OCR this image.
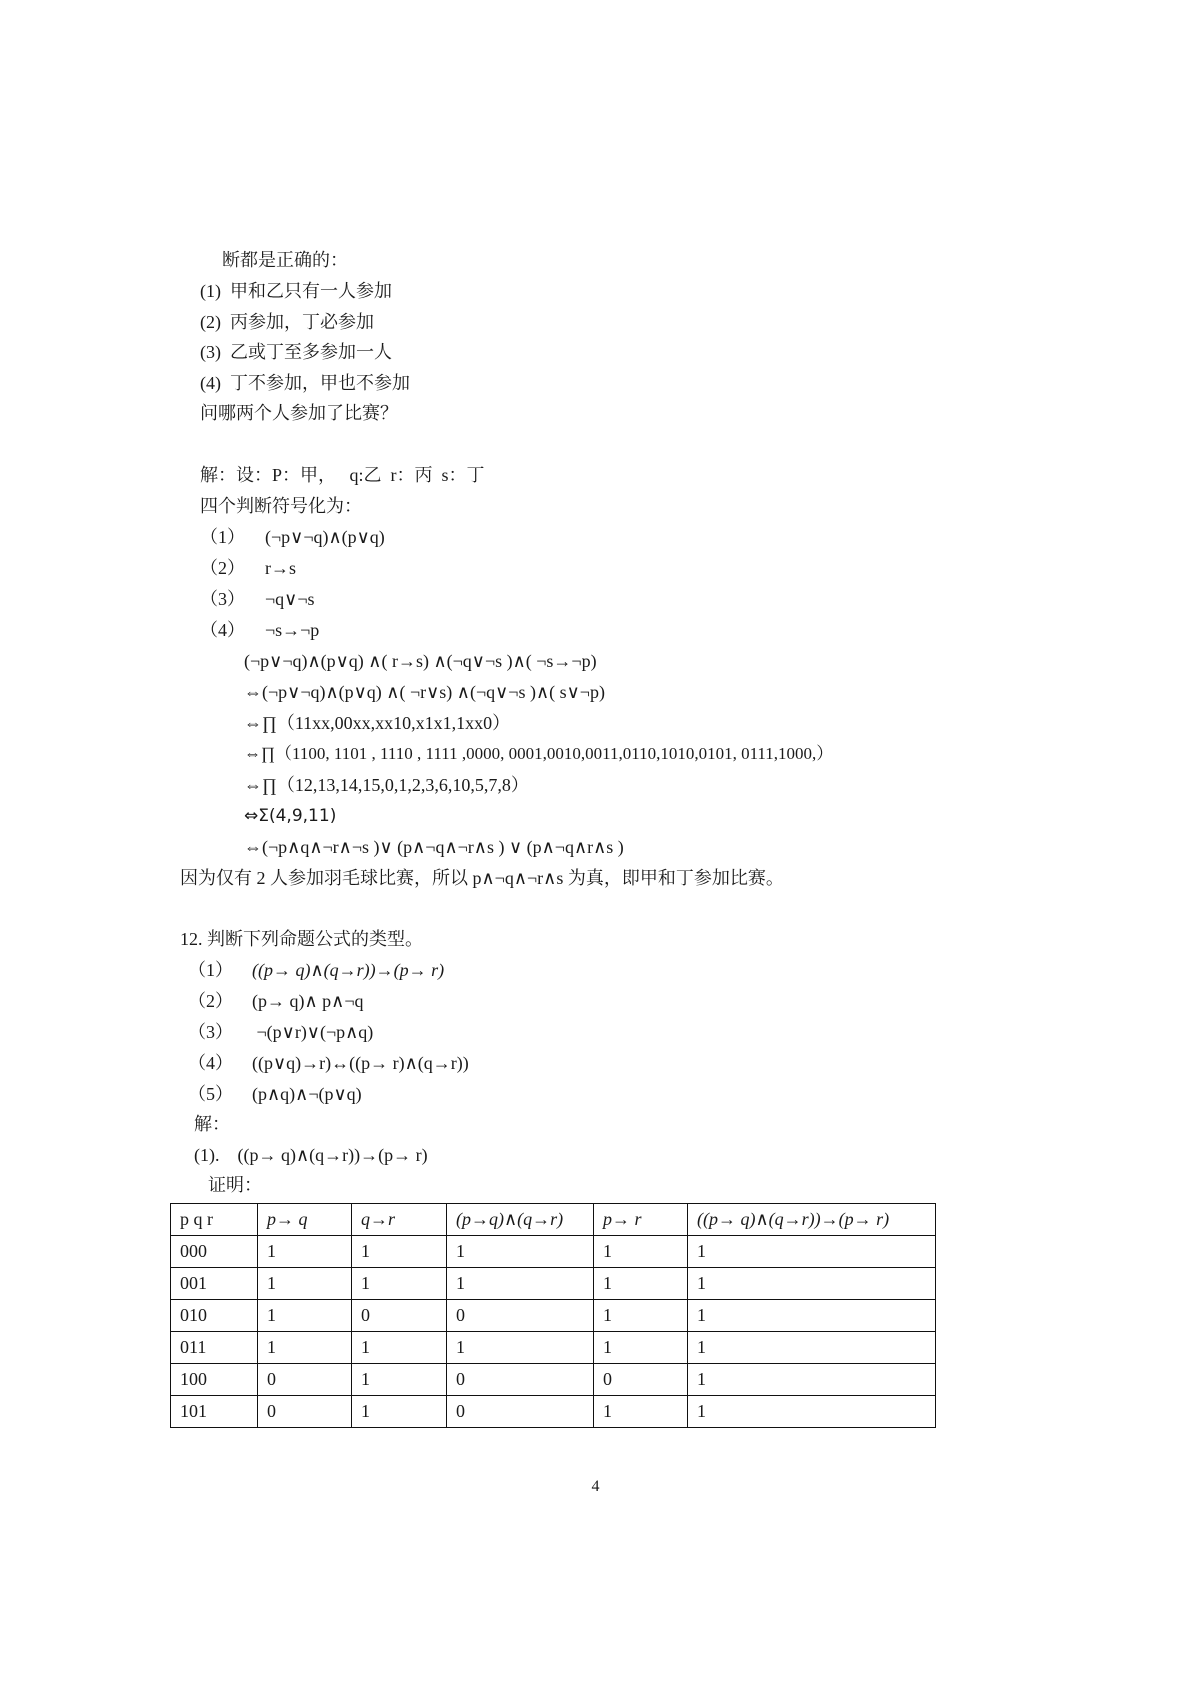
断都是正确的：
(1)  甲和乙只有一人参加
(2)  丙参加，丁必参加
(3)  乙或丁至多参加一人
(4)  丁不参加，甲也不参加
问哪两个人参加了比赛？
解：设：P：甲，   q:乙  r：丙  s：丁
四个判断符号化为：
（1） (¬p∨¬q)∧(p∨q)
（2） r→s
（3） ¬q∨¬s
（4） ¬s→¬p
(¬p∨¬q)∧(p∨q) ∧( r→s) ∧(¬q∨¬s )∧( ¬s→¬p)
⇔(¬p∨¬q)∧(p∨q) ∧( ¬r∨s) ∧(¬q∨¬s )∧( s∨¬p)
⇔∏（11xx,00xx,xx10,x1x1,1xx0）
⇔∏（1100, 1101 , 1110 , 1111 ,0000, 0001,0010,0011,0110,1010,0101, 0111,1000,）
⇔∏（12,13,14,15,0,1,2,3,6,10,5,7,8）
⇔Σ(4,9,11)
⇔(¬p∧q∧¬r∧¬s )∨ (p∧¬q∧¬r∧s ) ∨ (p∧¬q∧r∧s )
因为仅有 2 人参加羽毛球比赛，所以 p∧¬q∧¬r∧s 为真，即甲和丁参加比赛。
12. 判断下列命题公式的类型。
（1） ((p→ q)∧(q→r))→(p→ r)
（2） (p→ q)∧ p∧¬q
（3） ¬(p∨r)∨(¬p∧q)
（4） ((p∨q)→r)↔((p→ r)∧(q→r))
（5） (p∧q)∧¬(p∨q)
解：
(1).    ((p→ q)∧(q→r))→(p→ r)
证明：
p q r	p→ q	q→r	(p→q)∧(q→r)	p→ r	((p→ q)∧(q→r))→(p→ r)
000	1	1	1	1	1
001	1	1	1	1	1
010	1	0	0	1	1
011	1	1	1	1	1
100	0	1	0	0	1
101	0	1	0	1	1
4
